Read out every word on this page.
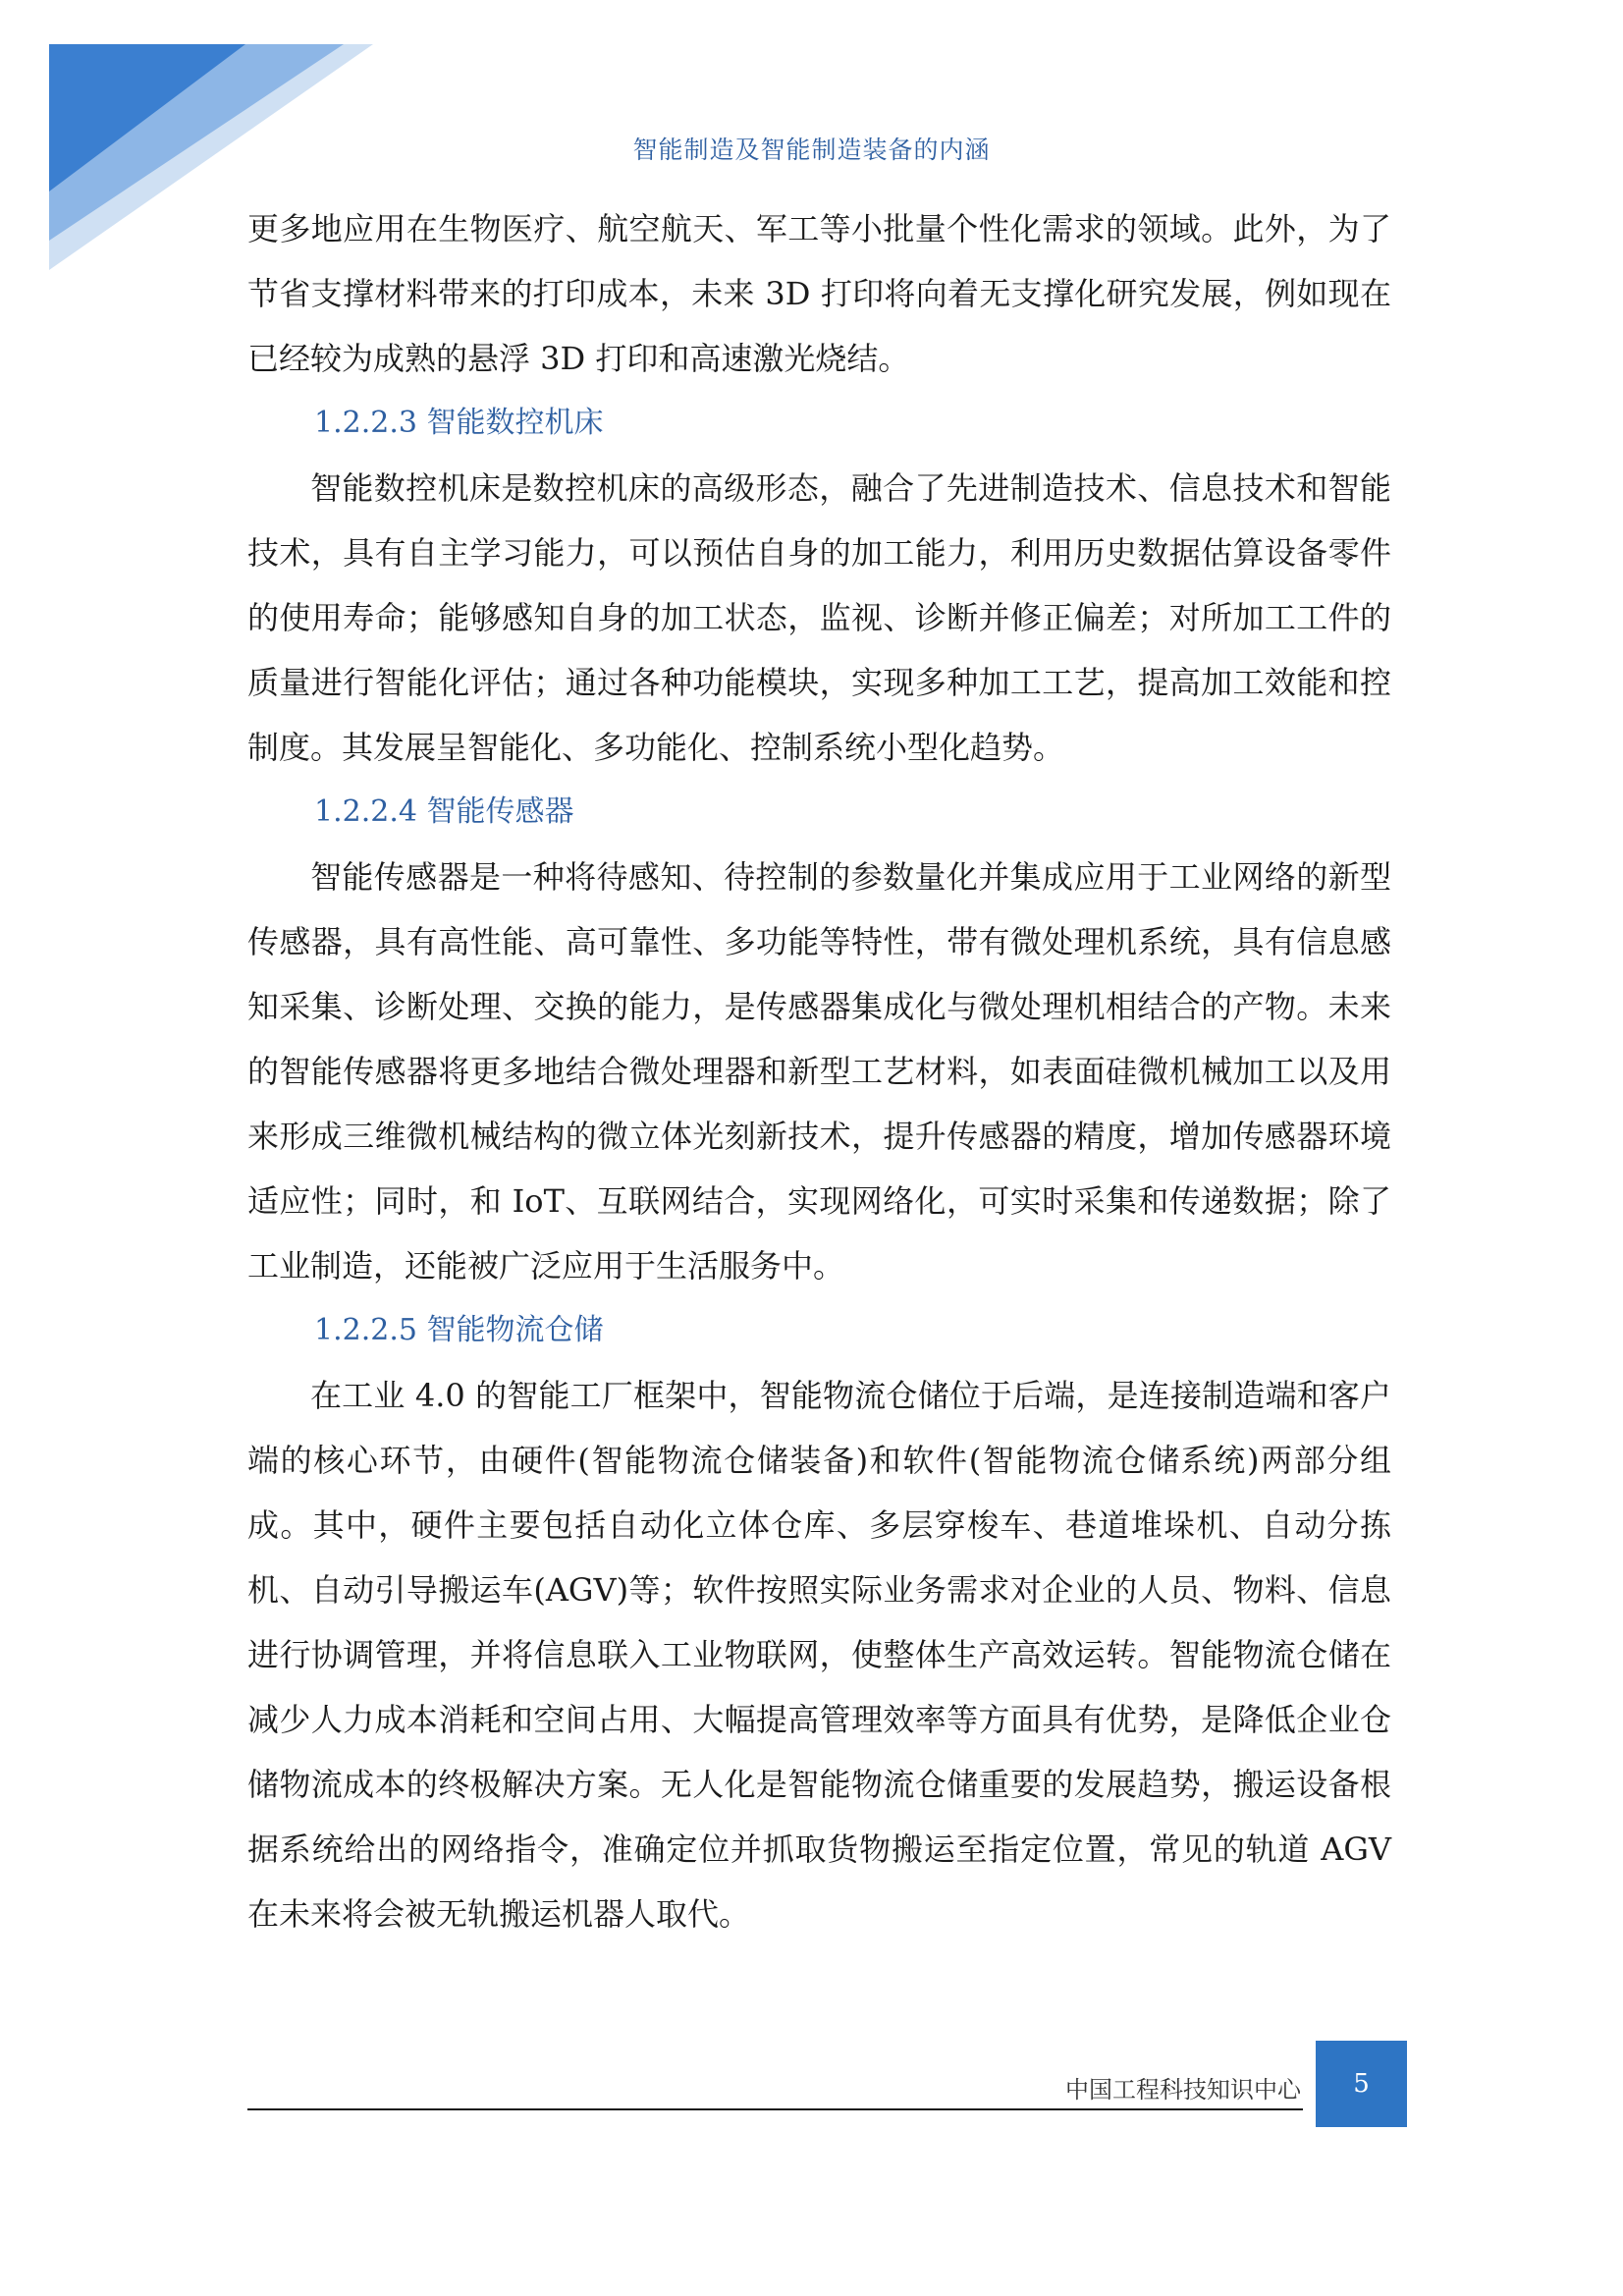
智能制造及智能制造装备的内涵

更多地应用在生物医疗、航空航天、军工等小批量个性化需求的领域。此外，为了节省支撑材料带来的打印成本，未来 3D 打印将向着无支撑化研究发展，例如现在已经较为成熟的悬浮 3D 打印和高速激光烧结。

1.2.2.3 智能数控机床

智能数控机床是数控机床的高级形态，融合了先进制造技术、信息技术和智能技术，具有自主学习能力，可以预估自身的加工能力，利用历史数据估算设备零件的使用寿命；能够感知自身的加工状态，监视、诊断并修正偏差；对所加工工件的质量进行智能化评估；通过各种功能模块，实现多种加工工艺，提高加工效能和控制度。其发展呈智能化、多功能化、控制系统小型化趋势。

1.2.2.4 智能传感器

智能传感器是一种将待感知、待控制的参数量化并集成应用于工业网络的新型传感器，具有高性能、高可靠性、多功能等特性，带有微处理机系统，具有信息感知采集、诊断处理、交换的能力，是传感器集成化与微处理机相结合的产物。未来的智能传感器将更多地结合微处理器和新型工艺材料，如表面硅微机械加工以及用来形成三维微机械结构的微立体光刻新技术，提升传感器的精度，增加传感器环境适应性；同时，和 IoT、互联网结合，实现网络化，可实时采集和传递数据；除了工业制造，还能被广泛应用于生活服务中。

1.2.2.5 智能物流仓储

在工业 4.0 的智能工厂框架中，智能物流仓储位于后端，是连接制造端和客户端的核心环节，由硬件(智能物流仓储装备)和软件(智能物流仓储系统)两部分组成。其中，硬件主要包括自动化立体仓库、多层穿梭车、巷道堆垛机、自动分拣机、自动引导搬运车(AGV)等；软件按照实际业务需求对企业的人员、物料、信息进行协调管理，并将信息联入工业物联网，使整体生产高效运转。智能物流仓储在减少人力成本消耗和空间占用、大幅提高管理效率等方面具有优势，是降低企业仓储物流成本的终极解决方案。无人化是智能物流仓储重要的发展趋势，搬运设备根据系统给出的网络指令，准确定位并抓取货物搬运至指定位置，常见的轨道 AGV 在未来将会被无轨搬运机器人取代。

中国工程科技知识中心 5
